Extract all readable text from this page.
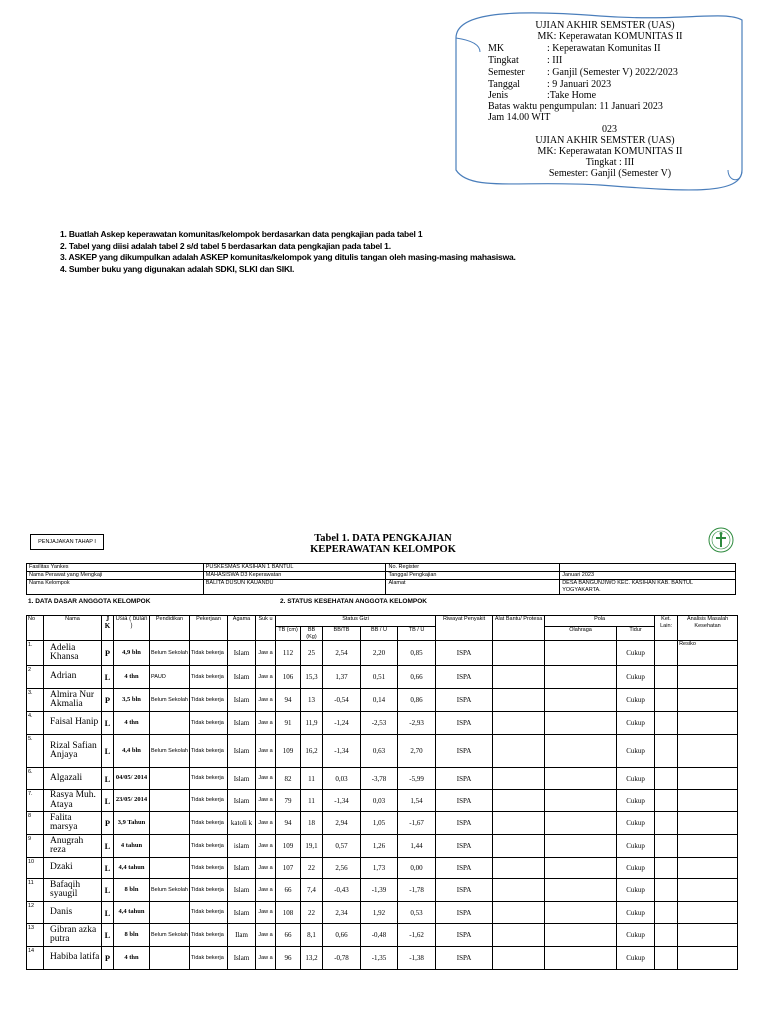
UJIAN AKHIR SEMSTER (UAS)
MK: Keperawatan KOMUNITAS II
MK	: Keperawatan Komunitas II
Tingkat	: III
Semester : Ganjil (Semester V) 2022/2023
Tanggal	: 9 Januari 2023
Jenis	:Take Home
Batas waktu pengumpulan: 11 Januari 2023
Jam 14.00 WIT
023
UJIAN AKHIR SEMSTER (UAS)
MK: Keperawatan KOMUNITAS II
Tingkat : III
Semester: Ganjil (Semester V)
1. Buatlah Askep keperawatan komunitas/kelompok berdasarkan data pengkajian pada tabel 1
2. Tabel yang diisi adalah tabel 2 s/d tabel 5 berdasarkan data pengkajian pada tabel 1.
3. ASKEP yang dikumpulkan adalah ASKEP komunitas/kelompok yang ditulis tangan oleh masing-masing mahasiswa.
4. Sumber buku yang digunakan adalah SDKI, SLKI dan SIKI.
PENJAJAKAN TAHAP I	Tabel 1. DATA PENGKAJIAN
KEPERAWATAN KELOMPOK
Fasilitas Yankes	PUSKESMAS KASIHAN 1 BANTUL	No. Register	
Nama Perawat yang Mengkaji	MAHASISWA D3 Keperawatan	Tanggal Pengkajian	Januari 2023
Nama Kelompok	BALITA DUSUN KAUANDU	Alamat	DESA BANGUNJIWO KEC. KASIHAN KAB. BANTUL
YOGYAKARTA.
1. DATA DASAR ANGGOTA KELOMPOK	2. STATUS KESEHATAN ANGGOTA KELOMPOK
No	Nama	J K	Usia ( bulan )	Pendidikan	Pekerjaan	Agama	Suk u	Status Gizi					Riwayat Penyakit	Alat Bantu/ Protesa	Pola		Ket. Lain:	Analisis Masalah Kesehatan
								TB (cm)	BB (Kg)	BB/TB	BB / U	TB / U			Olahraga	Tidur		
1.	Adelia Khansa	P	4,9 bln	Belum Sekolah	Tidak bekerja	Islam	Jaw a	112	25	2,54	2,20	0,85	ISPA			Cukup		Resiko
2	Adrian	L	4 thn	PAUD	Tidak bekerja	Islam	Jaw a	106	15,3	1,37	0,51	0,66	ISPA			Cukup		
3.	Almira Nur Akmalia	P	3,5 bln	Belum Sekolah	Tidak bekerja	Islam	Jaw a	94	13	-0,54	0,14	0,86	ISPA			Cukup		
4.	Faisal Hanip	L	4 thn		Tidak bekerja	Islam	Jaw a	91	11,9	-1,24	-2,53	-2,93	ISPA			Cukup		
5.	Rizal Safian Anjaya	L	4,4 bln	Belum Sekolah	Tidak bekerja	Islam	Jaw a	109	16,2	-1,34	0,63	2,70	ISPA			Cukup		
6.	Algazali	L	04/05/ 2014		Tidak bekerja	Islam	Jaw a	82	11	0,03	-3,78	-5,99	ISPA			Cukup		
7.	Rasya Muh. Ataya	L	23/05/ 2014		Tidak bekerja	Islam	Jaw a	79	11	-1,34	0,03	1,54	ISPA			Cukup		
8	Falita marsya	P	3,9 Tahun		Tidak bekerja	katoli k	Jaw a	94	18	2,94	1,05	-1,67	ISPA			Cukup		
9	Anugrah reza	L	4 tahun		Tidak bekerja	islam	Jaw a	109	19,1	0,57	1,26	1,44	ISPA			Cukup		
10	Dzaki	L	4,4 tahun		Tidak bekerja	Islam	Jaw a	107	22	2,56	1,73	0,00	ISPA			Cukup		
11	Bafaqih syaugil	L	8 bln	Belum Sekolah	Tidak bekerja	Islam	Jaw a	66	7,4	-0,43	-1,39	-1,78	ISPA			Cukup		
12	Danis	L	4,4 tahun		Tidak bekerja	Islam	Jaw a	108	22	2,34	1,92	0,53	ISPA			Cukup		
13	Gibran azka putra	L	8 bln	Belum Sekolah	Tidak bekerja	Ilam	Jaw a	66	8,1	0,66	-0,48	-1,62	ISPA			Cukup		
14	Habiba latifa	P	4 thn		Tidak bekerja	Islam	Jaw a	96	13,2	-0,78	-1,35	-1,38	ISPA			Cukup		
